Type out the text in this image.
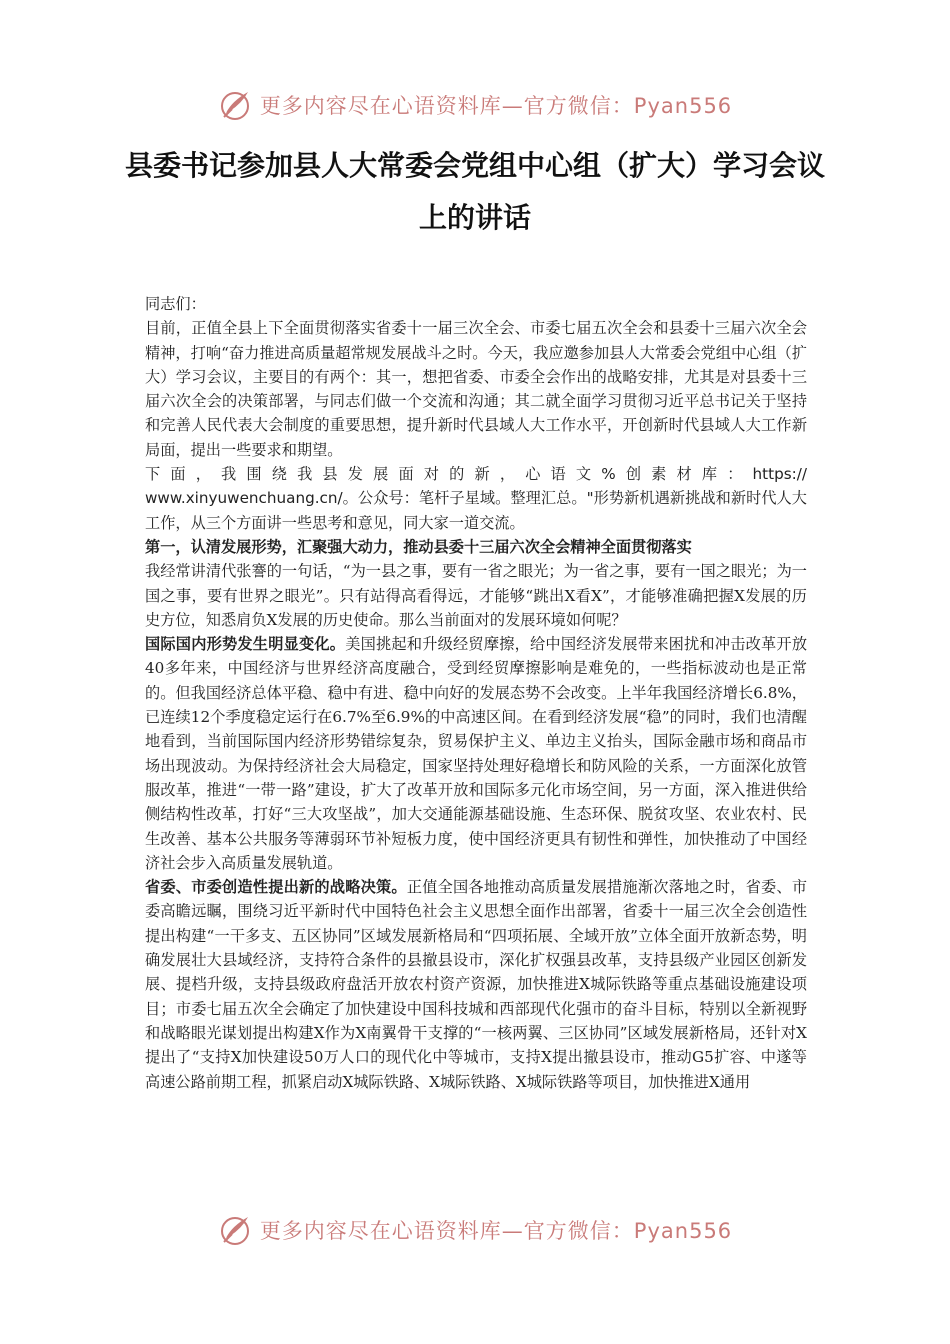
更多内容尽在心语资料库—官方微信：Pyan556
县委书记参加县人大常委会党组中心组（扩大）学习会议上的讲话

同志们：

目前，正值全县上下全面贯彻落实省委十一届三次全会、市委七届五次全会和县委十三届六次全会精神，打响“奋力推进高质量超常规发展战斗之时。今天，我应邀参加县人大常委会党组中心组（扩大）学习会议，主要目的有两个：其一，想把省委、市委全会作出的战略安排，尤其是对县委十三届六次全会的决策部署，与同志们做一个交流和沟通；其二就全面学习贯彻习近平总书记关于坚持和完善人民代表大会制度的重要思想，提升新时代县域人大工作水平，开创新时代县域人大工作新局面，提出一些要求和期望。

下面，我围绕我县发展面对的新，心语文%创素材库：https://

www.xinyuwenchuang.cn/。公众号：笔杆子星域。整理汇总。"形势新机遇新挑战和新时代人大工作，从三个方面讲一些思考和意见，同大家一道交流。

第一，认清发展形势，汇聚强大动力，推动县委十三届六次全会精神全面贯彻落实

我经常讲清代张謇的一句话，“为一县之事，要有一省之眼光；为一省之事，要有一国之眼光；为一国之事，要有世界之眼光”。只有站得高看得远，才能够“跳出X看X”，才能够准确把握X发展的历史方位，知悉肩负X发展的历史使命。那么当前面对的发展环境如何呢？

国际国内形势发生明显变化。美国挑起和升级经贸摩擦，给中国经济发展带来困扰和冲击改革开放40多年来，中国经济与世界经济高度融合，受到经贸摩擦影响是难免的，一些指标波动也是正常的。但我国经济总体平稳、稳中有进、稳中向好的发展态势不会改变。上半年我国经济增长6.8%，已连续12个季度稳定运行在6.7%至6.9%的中高速区间。在看到经济发展“稳”的同时，我们也清醒地看到，当前国际国内经济形势错综复杂，贸易保护主义、单边主义抬头，国际金融市场和商品市场出现波动。为保持经济社会大局稳定，国家坚持处理好稳增长和防风险的关系，一方面深化放管服改革，推进“一带一路”建设，扩大了改革开放和国际多元化市场空间，另一方面，深入推进供给侧结构性改革，打好“三大攻坚战”，加大交通能源基础设施、生态环保、脱贫攻坚、农业农村、民生改善、基本公共服务等薄弱环节补短板力度，使中国经济更具有韧性和弹性，加快推动了中国经济社会步入高质量发展轨道。

省委、市委创造性提出新的战略决策。正值全国各地推动高质量发展措施渐次落地之时，省委、市委高瞻远瞩，围绕习近平新时代中国特色社会主义思想全面作出部署，省委十一届三次全会创造性提出构建“一干多支、五区协同”区域发展新格局和“四项拓展、全域开放”立体全面开放新态势，明确发展壮大县域经济，支持符合条件的县撤县设市，深化扩权强县改革，支持县级产业园区创新发展、提档升级，支持县级政府盘活开放农村资产资源，加快推进X城际铁路等重点基础设施建设项目；市委七届五次全会确定了加快建设中国科技城和西部现代化强市的奋斗目标，特别以全新视野和战略眼光谋划提出构建X作为X南翼骨干支撑的“一核两翼、三区协同”区域发展新格局，还针对X提出了“支持X加快建设50万人口的现代化中等城市，支持X提出撤县设市，推动G5扩容、中遂等高速公路前期工程，抓紧启动X城际铁路、X城际铁路、X城际铁路等项目，加快推进X通用

更多内容尽在心语资料库—官方微信：Pyan556
